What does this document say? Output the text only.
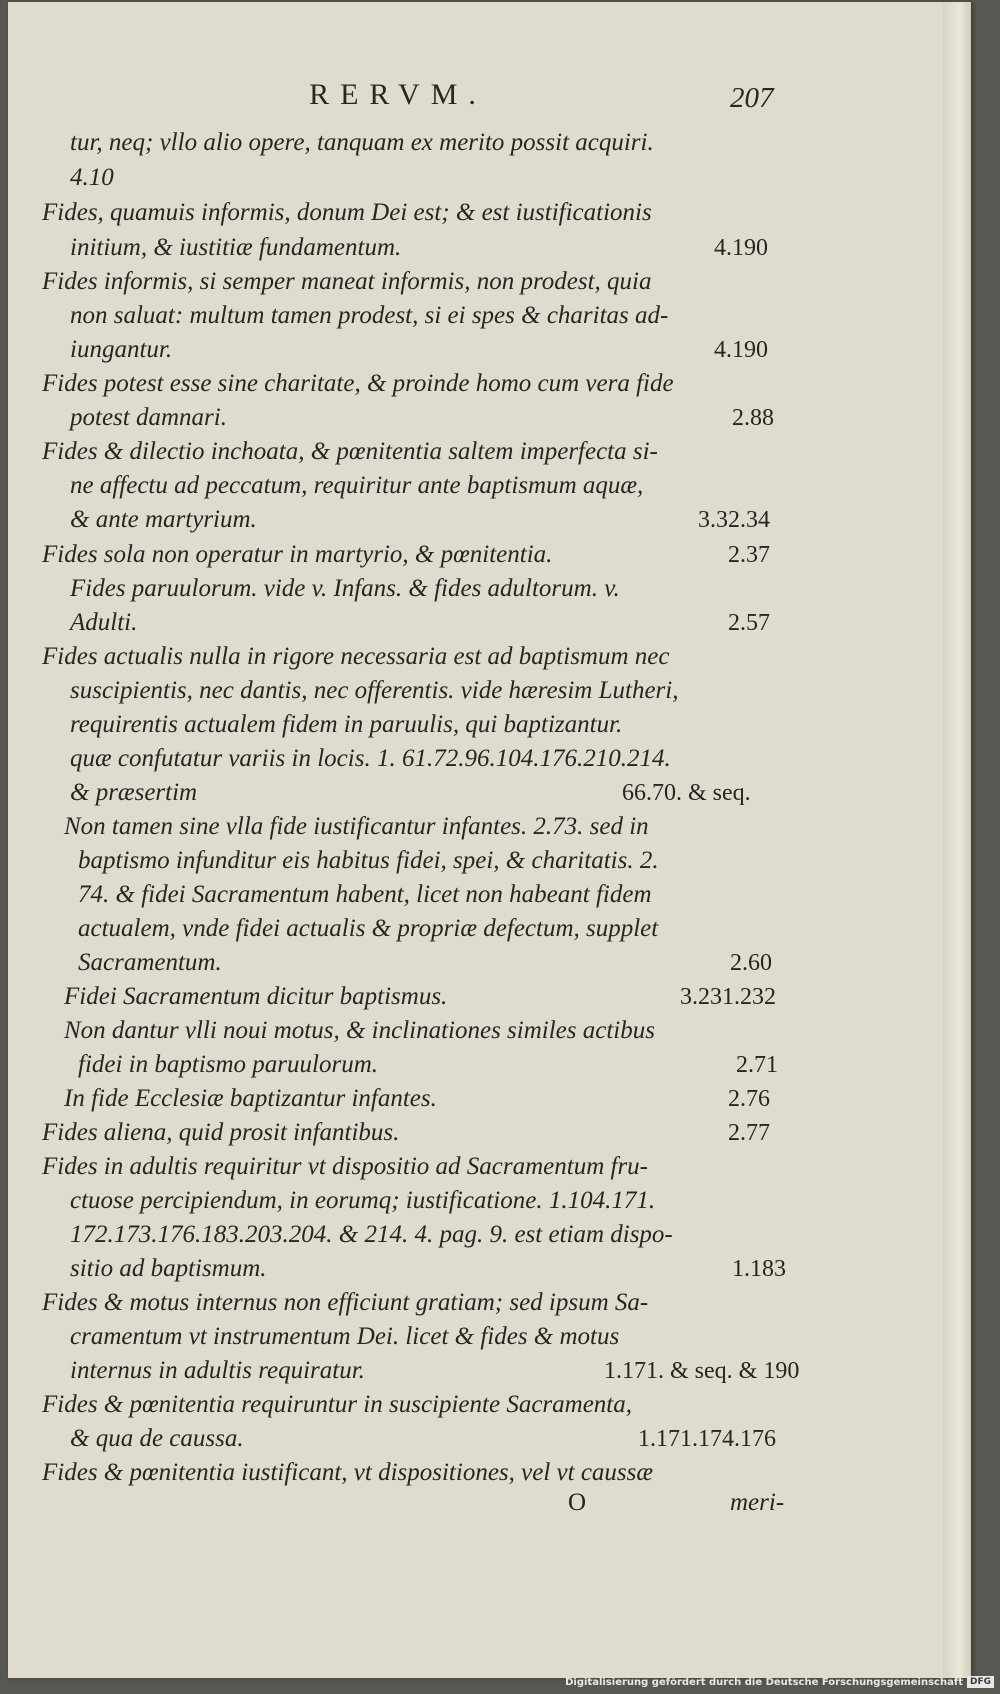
RERVM.	207
tur, neq; vllo alio opere, tanquam ex merito possit acquiri.
4.10
Fides, quamuis informis, donum Dei est; & est iustificationis
initium, & iustitiæ fundamentum.	4.190
Fides informis, si semper maneat informis, non prodest, quia
non saluat: multum tamen prodest, si ei spes & charitas ad-
iungantur.	4.190
Fides potest esse sine charitate, & proinde homo cum vera fide
potest damnari.	2.88
Fides & dilectio inchoata, & pœnitentia saltem imperfecta si-
ne affectu ad peccatum, requiritur ante baptismum aquæ,
& ante martyrium.	3.32.34
Fides sola non operatur in martyrio, & pœnitentia.	2.37
Fides paruulorum. vide v. Infans. & fides adultorum. v.
Adulti.	2.57
Fides actualis nulla in rigore necessaria est ad baptismum nec
suscipientis, nec dantis, nec offerentis. vide hæresim Lutheri,
requirentis actualem fidem in paruulis, qui baptizantur.
quæ confutatur variis in locis. 1. 61.72.96.104.176.210.214.
& præsertim	66.70. & seq.
Non tamen sine vlla fide iustificantur infantes. 2.73. sed in
baptismo infunditur eis habitus fidei, spei, & charitatis. 2.
74. & fidei Sacramentum habent, licet non habeant fidem
actualem, vnde fidei actualis & propriæ defectum, supplet
Sacramentum.	2.60
Fidei Sacramentum dicitur baptismus.	3.231.232
Non dantur vlli noui motus, & inclinationes similes actibus
fidei in baptismo paruulorum.	2.71
In fide Ecclesiæ baptizantur infantes.	2.76
Fides aliena, quid prosit infantibus.	2.77
Fides in adultis requiritur vt dispositio ad Sacramentum fru-
ctuose percipiendum, in eorumq; iustificatione. 1.104.171.
172.173.176.183.203.204. & 214. 4. pag. 9. est etiam dispo-
sitio ad baptismum.	1.183
Fides & motus internus non efficiunt gratiam; sed ipsum Sa-
cramentum vt instrumentum Dei. licet & fides & motus
internus in adultis requiratur.	1.171. & seq. & 190
Fides & pœnitentia requiruntur in suscipiente Sacramenta,
& qua de caussa.	1.171.174.176
Fides & pœnitentia iustificant, vt dispositiones, vel vt caussæ
O	meri-
Digitalisierung gefördert durch die Deutsche Forschungsgemeinschaft DFG
